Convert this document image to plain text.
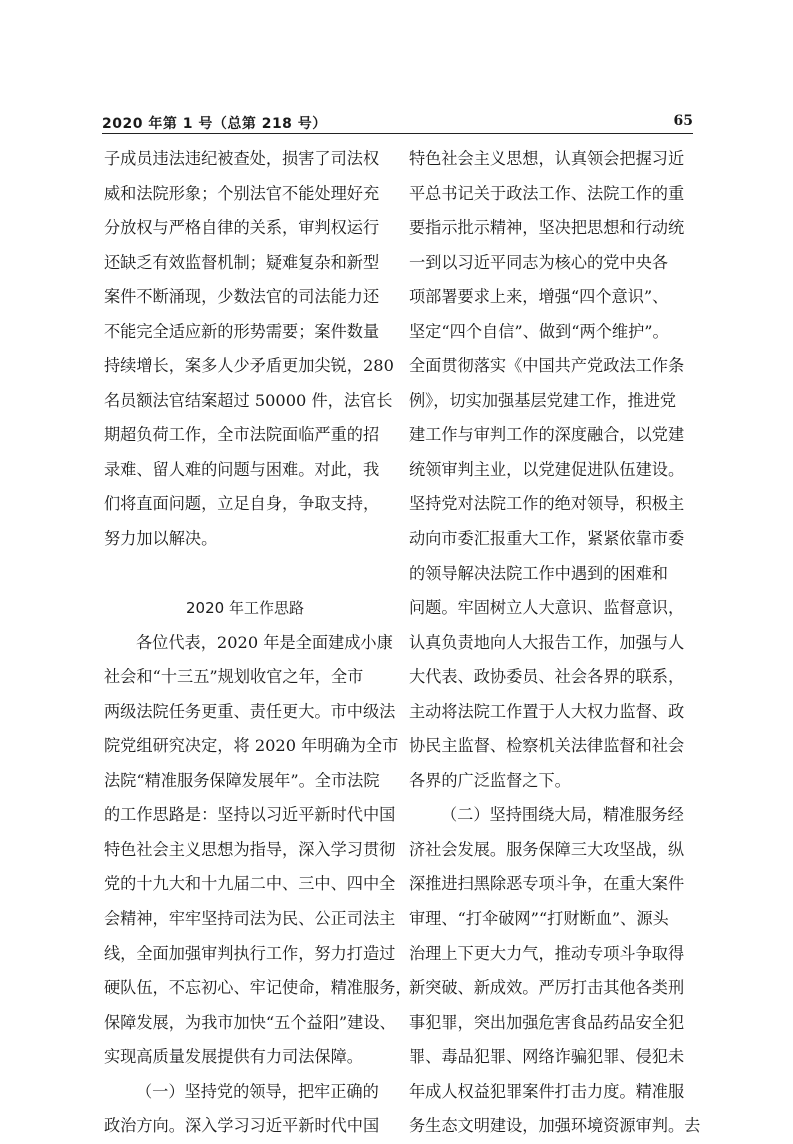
2020 年第 1 号（总第 218 号）	65
子成员违法违纪被查处，损害了司法权
威和法院形象；个别法官不能处理好充
分放权与严格自律的关系，审判权运行
还缺乏有效监督机制；疑难复杂和新型
案件不断涌现，少数法官的司法能力还
不能完全适应新的形势需要；案件数量
持续增长，案多人少矛盾更加尖锐，280
名员额法官结案超过 50000 件，法官长
期超负荷工作，全市法院面临严重的招
录难、留人难的问题与困难。对此，我
们将直面问题，立足自身，争取支持，
努力加以解决。
2020 年工作思路
各位代表，2020 年是全面建成小康
社会和“十三五”规划收官之年，全市
两级法院任务更重、责任更大。市中级法
院党组研究决定，将 2020 年明确为全市
法院“精准服务保障发展年”。全市法院
的工作思路是：坚持以习近平新时代中国
特色社会主义思想为指导，深入学习贯彻
党的十九大和十九届二中、三中、四中全
会精神，牢牢坚持司法为民、公正司法主
线，全面加强审判执行工作，努力打造过
硬队伍，不忘初心、牢记使命，精准服务，
保障发展，为我市加快“五个益阳”建设、
实现高质量发展提供有力司法保障。
（一）坚持党的领导，把牢正确的
政治方向。深入学习习近平新时代中国
特色社会主义思想，认真领会把握习近
平总书记关于政法工作、法院工作的重
要指示批示精神，坚决把思想和行动统
一到以习近平同志为核心的党中央各
项部署要求上来，增强“四个意识”、
坚定“四个自信”、做到“两个维护”。
全面贯彻落实《中国共产党政法工作条
例》，切实加强基层党建工作，推进党
建工作与审判工作的深度融合，以党建
统领审判主业，以党建促进队伍建设。
坚持党对法院工作的绝对领导，积极主
动向市委汇报重大工作，紧紧依靠市委
的领导解决法院工作中遇到的困难和
问题。牢固树立人大意识、监督意识，
认真负责地向人大报告工作，加强与人
大代表、政协委员、社会各界的联系，
主动将法院工作置于人大权力监督、政
协民主监督、检察机关法律监督和社会
各界的广泛监督之下。
（二）坚持围绕大局，精准服务经
济社会发展。服务保障三大攻坚战，纵
深推进扫黑除恶专项斗争，在重大案件
审理、“打伞破网”“打财断血”、源头
治理上下更大力气，推动专项斗争取得
新突破、新成效。严厉打击其他各类刑
事犯罪，突出加强危害食品药品安全犯
罪、毒品犯罪、网络诈骗犯罪、侵犯未
年成人权益犯罪案件打击力度。精准服
务生态文明建设，加强环境资源审判。去
